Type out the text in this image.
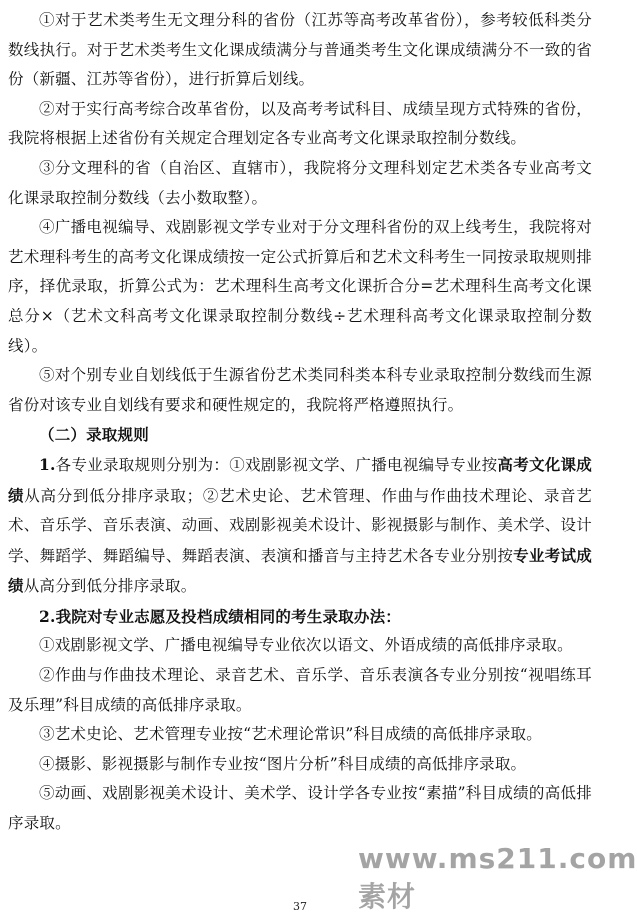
①对于艺术类考生无文理分科的省份（江苏等高考改革省份），参考较低科类分数线执行。对于艺术类考生文化课成绩满分与普通类考生文化课成绩满分不一致的省份（新疆、江苏等省份），进行折算后划线。

②对于实行高考综合改革省份，以及高考考试科目、成绩呈现方式特殊的省份，我院将根据上述省份有关规定合理划定各专业高考文化课录取控制分数线。

③分文理科的省（自治区、直辖市），我院将分文理科划定艺术类各专业高考文化课录取控制分数线（去小数取整）。

④广播电视编导、戏剧影视文学专业对于分文理科省份的双上线考生，我院将对艺术理科考生的高考文化课成绩按一定公式折算后和艺术文科考生一同按录取规则排序，择优录取，折算公式为：艺术理科生高考文化课折合分=艺术理科生高考文化课总分×（艺术文科高考文化课录取控制分数线÷艺术理科高考文化课录取控制分数线）。

⑤对个别专业自划线低于生源省份艺术类同科类本科专业录取控制分数线而生源省份对该专业自划线有要求和硬性规定的，我院将严格遵照执行。

（二）录取规则

1.各专业录取规则分别为：①戏剧影视文学、广播电视编导专业按高考文化课成绩从高分到低分排序录取；②艺术史论、艺术管理、作曲与作曲技术理论、录音艺术、音乐学、音乐表演、动画、戏剧影视美术设计、影视摄影与制作、美术学、设计学、舞蹈学、舞蹈编导、舞蹈表演、表演和播音与主持艺术各专业分别按专业考试成绩从高分到低分排序录取。

2.我院对专业志愿及投档成绩相同的考生录取办法：

①戏剧影视文学、广播电视编导专业依次以语文、外语成绩的高低排序录取。

②作曲与作曲技术理论、录音艺术、音乐学、音乐表演各专业分别按“视唱练耳及乐理”科目成绩的高低排序录取。

③艺术史论、艺术管理专业按“艺术理论常识”科目成绩的高低排序录取。

④摄影、影视摄影与制作专业按“图片分析”科目成绩的高低排序录取。

⑤动画、戏剧影视美术设计、美术学、设计学各专业按“素描”科目成绩的高低排序录取。

www.ms211.com 素材
37
